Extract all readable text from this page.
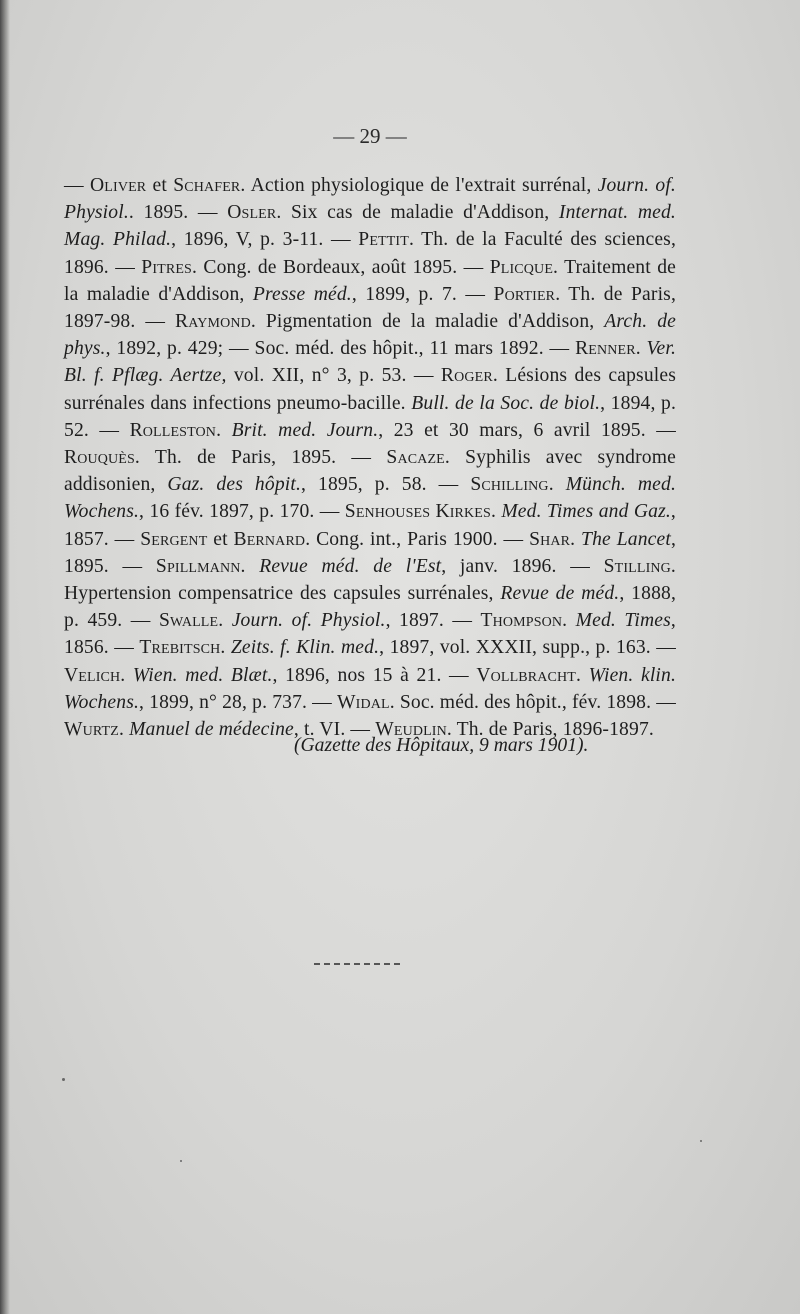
— 29 —
— Oliver et Schafer. Action physiologique de l'extrait surrénal, Journ. of. Physiol.. 1895. — Osler. Six cas de maladie d'Addison, Internat. med. Mag. Philad., 1896, V, p. 3-11. — Pettit. Th. de la Faculté des sciences, 1896. — Pitres. Cong. de Bordeaux, août 1895. — Plicque. Traitement de la maladie d'Addison, Presse méd., 1899, p. 7. — Portier. Th. de Paris, 1897-98. — Raymond. Pigmentation de la maladie d'Addison, Arch. de phys., 1892, p. 429; — Soc. méd. des hôpit., 11 mars 1892. — Renner. Ver. Bl. f. Pflæg. Aertze, vol. XII, n° 3, p. 53. — Roger. Lésions des capsules surrénales dans infections pneumo-bacille. Bull. de la Soc. de biol., 1894, p. 52. — Rolleston. Brit. med. Journ., 23 et 30 mars, 6 avril 1895. — Rouquès. Th. de Paris, 1895. — Sacaze. Syphilis avec syndrome addisonien, Gaz. des hôpit., 1895, p. 58. — Schilling. Münch. med. Wochens., 16 fév. 1897, p. 170. — Senhouses Kirkes. Med. Times and Gaz., 1857. — Sergent et Bernard. Cong. int., Paris 1900. — Shar. The Lancet, 1895. — Spillmann. Revue méd. de l'Est, janv. 1896. — Stilling. Hypertension compensatrice des capsules surrénales, Revue de méd., 1888, p. 459. — Swalle. Journ. of. Physiol., 1897. — Thompson. Med. Times, 1856. — Trebitsch. Zeits. f. Klin. med., 1897, vol. XXXII, supp., p. 163. — Velich. Wien. med. Blæt., 1896, nos 15 à 21. — Vollbracht. Wien. klin. Wochens., 1899, n° 28, p. 737. — Widal. Soc. méd. des hôpit., fév. 1898. — Wurtz. Manuel de médecine, t. VI. — Weudlin. Th. de Paris, 1896-1897.
(Gazette des Hôpitaux, 9 mars 1901).
